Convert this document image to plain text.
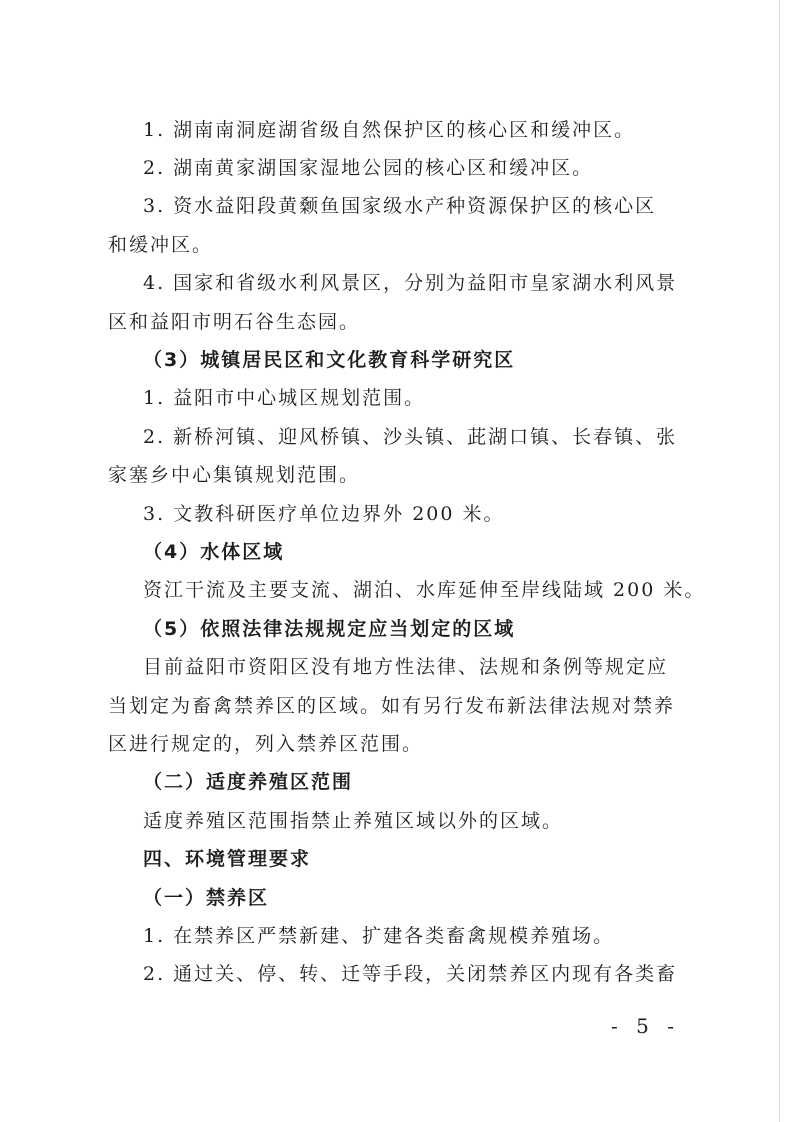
1. 湖南南洞庭湖省级自然保护区的核心区和缓冲区。
2. 湖南黄家湖国家湿地公园的核心区和缓冲区。
3. 资水益阳段黄颡鱼国家级水产种资源保护区的核心区
和缓冲区。
4. 国家和省级水利风景区，分别为益阳市皇家湖水利风景
区和益阳市明石谷生态园。
（3）城镇居民区和文化教育科学研究区
1. 益阳市中心城区规划范围。
2. 新桥河镇、迎风桥镇、沙头镇、茈湖口镇、长春镇、张
家塞乡中心集镇规划范围。
3. 文教科研医疗单位边界外 200 米。
（4）水体区域
资江干流及主要支流、湖泊、水库延伸至岸线陆域 200 米。
（5）依照法律法规规定应当划定的区域
目前益阳市资阳区没有地方性法律、法规和条例等规定应
当划定为畜禽禁养区的区域。如有另行发布新法律法规对禁养
区进行规定的，列入禁养区范围。
（二）适度养殖区范围
适度养殖区范围指禁止养殖区域以外的区域。
四、环境管理要求
（一）禁养区
1. 在禁养区严禁新建、扩建各类畜禽规模养殖场。
2. 通过关、停、转、迁等手段，关闭禁养区内现有各类畜
- 5 -
